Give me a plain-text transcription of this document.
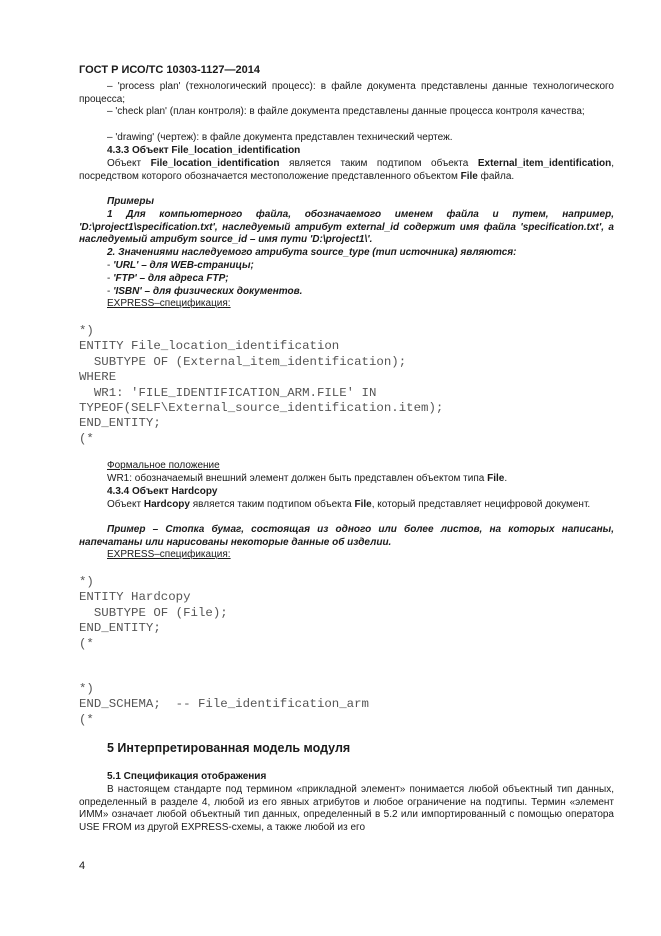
ГОСТ Р ИСО/ТС 10303-1127—2014
– 'process plan' (технологический процесс): в файле документа представлены данные технологического процесса;
– 'check plan' (план контроля): в файле документа представлены данные процесса контроля качества;
– 'drawing' (чертеж): в файле документа представлен технический чертеж.
4.3.3 Объект File_location_identification
Объект File_location_identification является таким подтипом объекта External_item_identification, посредством которого обозначается местоположение представленного объектом File файла.
Примеры
1 Для компьютерного файла, обозначаемого именем файла и путем, например, 'D:\project1\specification.txt', наследуемый атрибут external_id содержит имя файла 'specification.txt', а наследуемый атрибут source_id – имя пути 'D:\project1\'.
2. Значениями наследуемого атрибута source_type (тип источника) являются:
- 'URL' – для WEB-страницы;
- 'FTP' – для адреса FTP;
- 'ISBN' – для физических документов.
EXPRESS–спецификация:
*)
ENTITY File_location_identification
SUBTYPE OF (External_item_identification);
WHERE
WR1: 'FILE_IDENTIFICATION_ARM.FILE' IN
TYPEOF(SELF\External_source_identification.item);
END_ENTITY;
(*
Формальное положение
WR1: обозначаемый внешний элемент должен быть представлен объектом типа File.
4.3.4 Объект Hardcopy
Объект Hardcopy является таким подтипом объекта File, который представляет нецифровой документ.
Пример – Стопка бумаг, состоящая из одного или более листов, на которых написаны, напечатаны или нарисованы некоторые данные об изделии.
EXPRESS–спецификация:
*)
ENTITY Hardcopy
SUBTYPE OF (File);
END_ENTITY;
(*
*)
END_SCHEMA;  -- File_identification_arm
(*
5 Интерпретированная модель модуля
5.1 Спецификация отображения
В настоящем стандарте под термином «прикладной элемент» понимается любой объектный тип данных, определенный в разделе 4, любой из его явных атрибутов и любое ограничение на подтипы. Термин «элемент ИММ» означает любой объектный тип данных, определенный в 5.2 или импортированный с помощью оператора USE FROM из другой EXPRESS-схемы, а также любой из его
4
